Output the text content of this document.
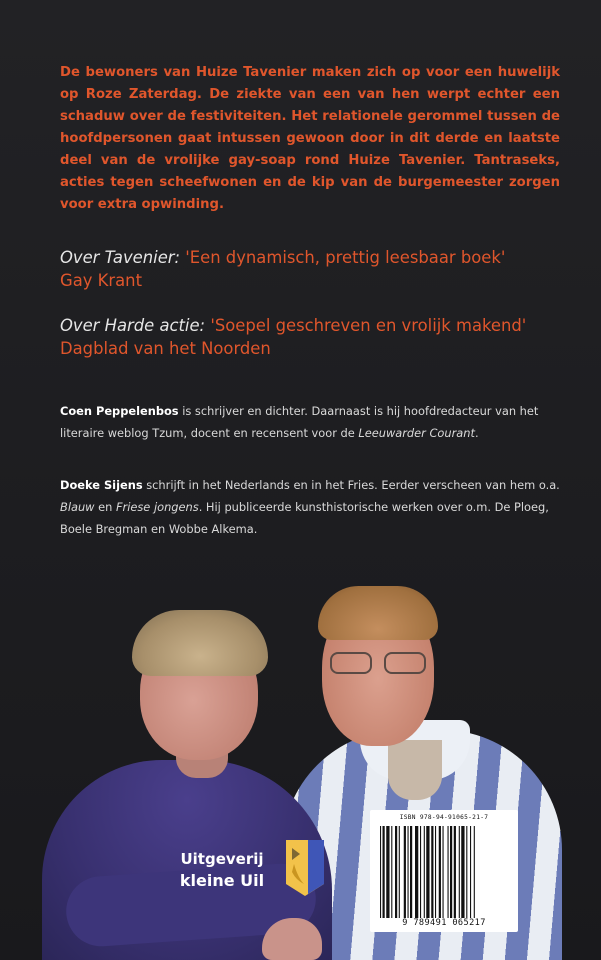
De bewoners van Huize Tavenier maken zich op voor een huwelijk op Roze Zaterdag. De ziekte van een van hen werpt echter een schaduw over de festiviteiten. Het relationele gerommel tussen de hoofdpersonen gaat intussen gewoon door in dit derde en laatste deel van de vrolijke gay-soap rond Huize Tavenier. Tantraseks, acties tegen scheefwonen en de kip van de burgemeester zorgen voor extra opwinding.

Over Tavenier: 'Een dynamisch, prettig leesbaar boek'
Gay Krant

Over Harde actie: 'Soepel geschreven en vrolijk makend'
Dagblad van het Noorden

Coen Peppelenbos is schrijver en dichter. Daarnaast is hij hoofdredacteur van het literaire weblog Tzum, docent en recensent voor de Leeuwarder Courant.

Doeke Sijens schrijft in het Nederlands en in het Fries. Eerder verscheen van hem o.a. Blauw en Friese jongens. Hij publiceerde kunsthistorische werken over o.m. De Ploeg, Boele Bregman en Wobbe Alkema.

Uitgeverij
kleine Uil

ISBN 978-94-91065-21-7

9 789491 065217
